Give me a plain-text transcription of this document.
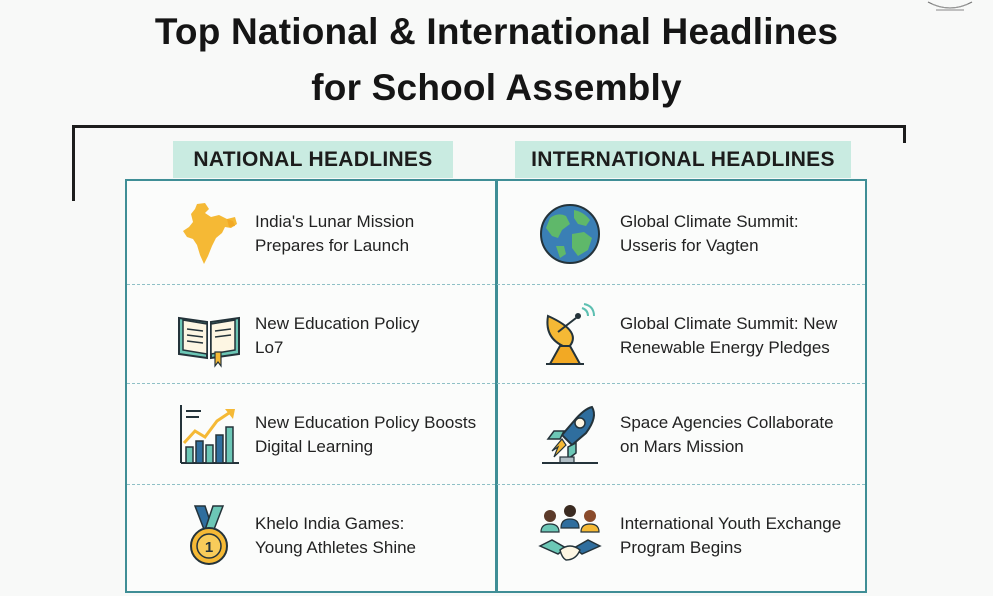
Top National & International Headlines
for School Assembly
NATIONAL HEADLINES	INTERNATIONAL HEADLINES
India's Lunar Mission
Prepares for Launch
New Education Policy
Lo7
New Education Policy Boosts
Digital Learning
1
Khelo India Games:
Young Athletes Shine
Global Climate Summit:
Usseris for Vagten
Global Climate Summit: New
Renewable Energy Pledges
Space Agencies Collaborate
on Mars Mission
International Youth Exchange
Program Begins
